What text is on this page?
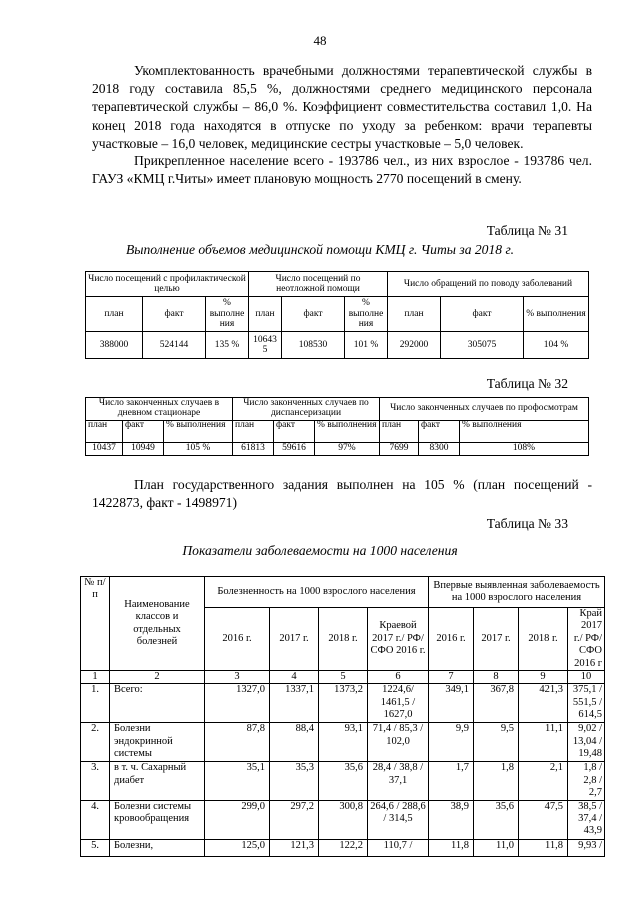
48

Укомплектованность врачебными должностями терапевтической службы в 2018 году составила 85,5 %, должностями среднего медицинского персонала терапевтической службы – 86,0 %. Коэффициент совместительства составил 1,0. На конец 2018 года находятся в отпуске по уходу за ребенком: врачи терапевты участковые – 16,0 человек, медицинские сестры участковые – 5,0 человек.

Прикрепленное население всего - 193786 чел., из них взрослое - 193786 чел. ГАУЗ «КМЦ г.Читы» имеет плановую мощность 2770 посещений в смену.

Таблица № 31
Выполнение объемов медицинской помощи КМЦ г. Читы за 2018 г.
Число посещений с профилактической целью			Число посещений по неотложной помощи			Число обращений по поводу заболеваний		
план	факт	% выполне ния	план	факт	% выполне ния	план	факт	% выполнения
388000	524144	135 %	106435	108530	101 %	292000	305075	104 %
Таблица № 32
Число законченных случаев в дневном стационаре			Число законченных случаев по диспансеризации			Число законченных случаев по профосмотрам		
план	факт	% выполнения	план	факт	% выполнения	план	факт	% выполнения
10437	10949	105 %	61813	59616	97%	7699	8300	108%

План государственного задания выполнен на 105 % (план посещений - 1422873, факт - 1498971)

Таблица № 33
Показатели заболеваемости на 1000 населения
№ п/п	Наименование классов и отдельных болезней	Болезненность на 1000 взрослого населения				Впервые выявленная заболеваемость на 1000 взрослого населения			
		2016 г.	2017 г.	2018 г.	Краевой 2017 г./ РФ/СФО 2016 г.	2016 г.	2017 г.	2018 г.	Край 2017 г./ РФ/ СФО 2016 г
1	2	3	4	5	6	7	8	9	10
1.	Всего:	1327,0	1337,1	1373,2	1224,6/ 1461,5 / 1627,0	349,1	367,8	421,3	375,1 / 551,5 / 614,5
2.	Болезни эндокринной системы	87,8	88,4	93,1	71,4 / 85,3 / 102,0	9,9	9,5	11,1	9,02 / 13,04 / 19,48
3.	в т. ч. Сахарный диабет	35,1	35,3	35,6	28,4 / 38,8 / 37,1	1,7	1,8	2,1	1,8 / 2,8 / 2,7
4.	Болезни системы кровообращения	299,0	297,2	300,8	264,6 / 288,6 / 314,5	38,9	35,6	47,5	38,5 / 37,4 / 43,9
5.	Болезни,	125,0	121,3	122,2	110,7 /	11,8	11,0	11,8	9,93 /
